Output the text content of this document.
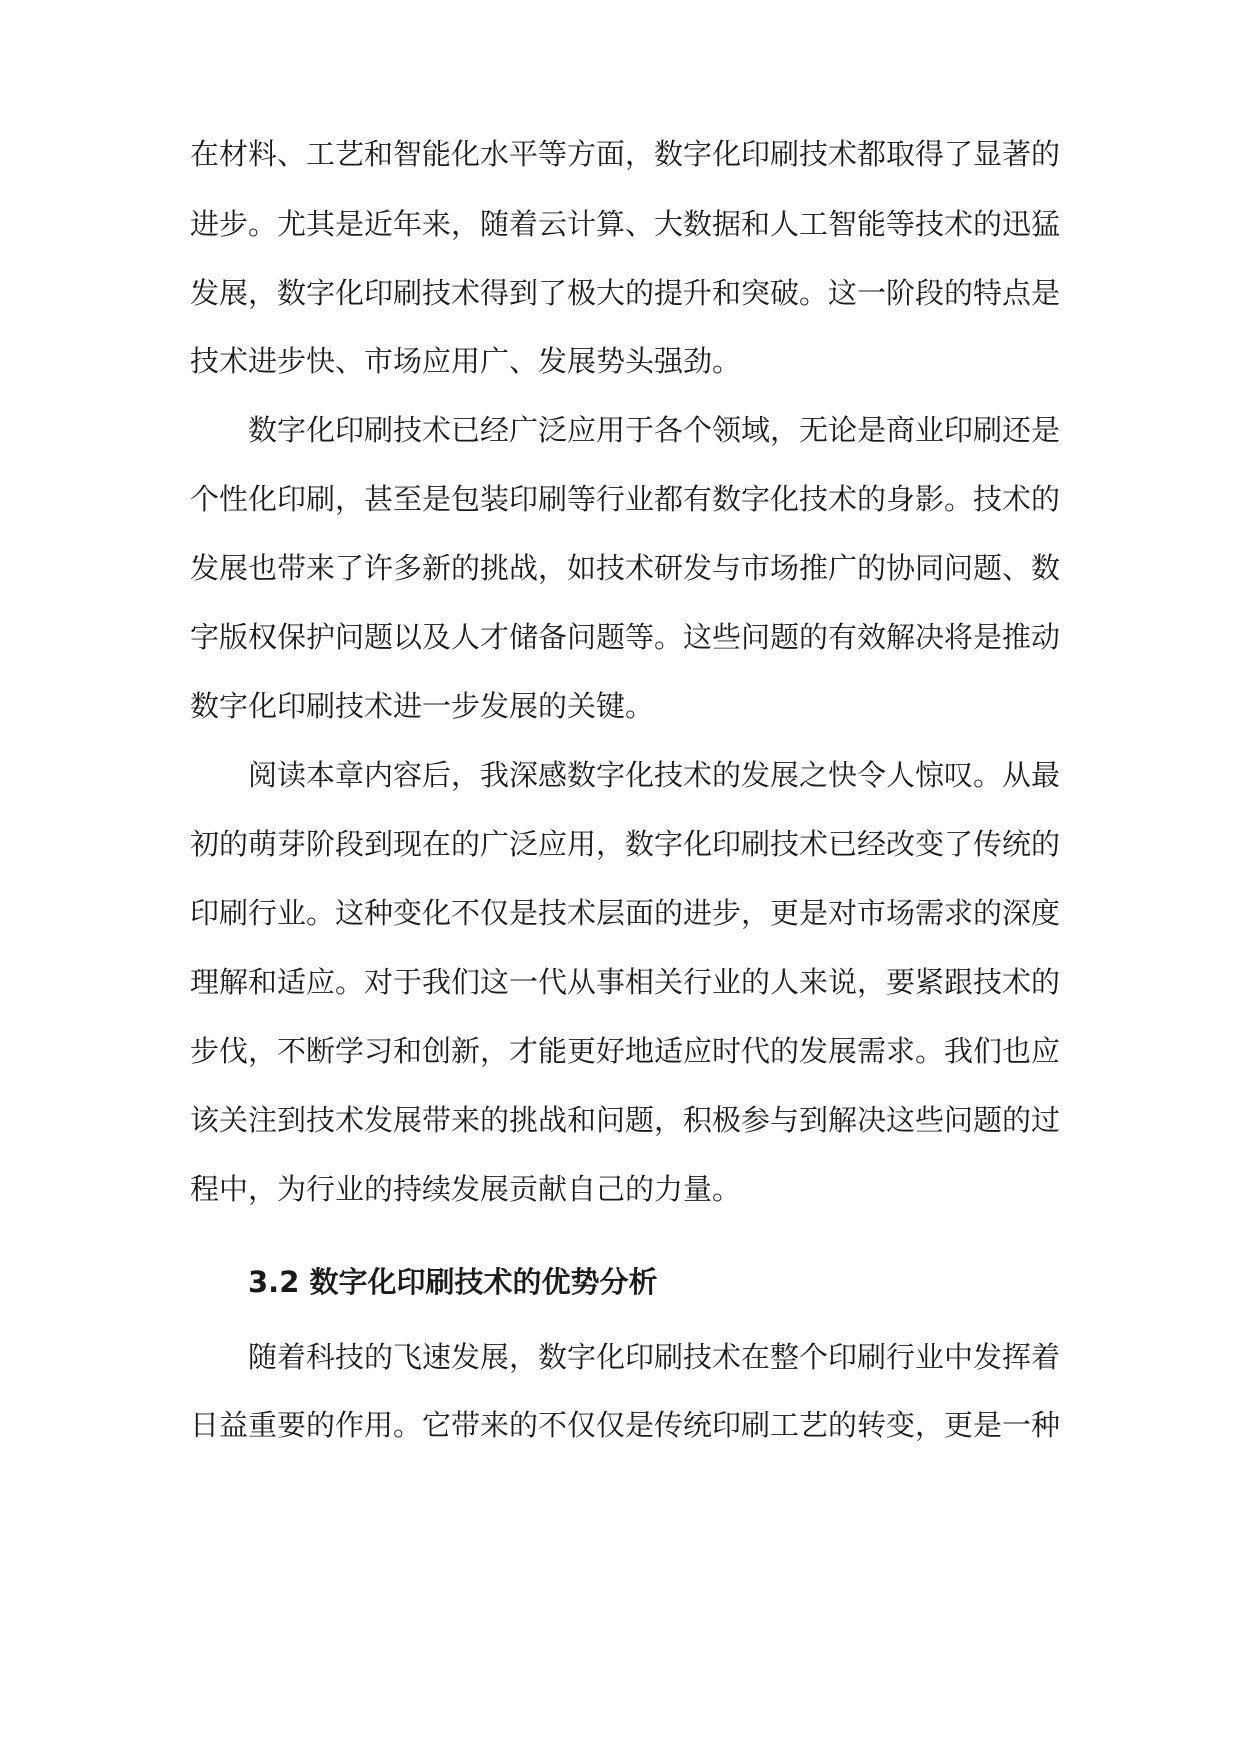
在材料、工艺和智能化水平等方面，数字化印刷技术都取得了显著的
进步。尤其是近年来，随着云计算、大数据和人工智能等技术的迅猛
发展，数字化印刷技术得到了极大的提升和突破。这一阶段的特点是
技术进步快、市场应用广、发展势头强劲。
数字化印刷技术已经广泛应用于各个领域，无论是商业印刷还是
个性化印刷，甚至是包装印刷等行业都有数字化技术的身影。技术的
发展也带来了许多新的挑战，如技术研发与市场推广的协同问题、数
字版权保护问题以及人才储备问题等。这些问题的有效解决将是推动
数字化印刷技术进一步发展的关键。
阅读本章内容后，我深感数字化技术的发展之快令人惊叹。从最
初的萌芽阶段到现在的广泛应用，数字化印刷技术已经改变了传统的
印刷行业。这种变化不仅是技术层面的进步，更是对市场需求的深度
理解和适应。对于我们这一代从事相关行业的人来说，要紧跟技术的
步伐，不断学习和创新，才能更好地适应时代的发展需求。我们也应
该关注到技术发展带来的挑战和问题，积极参与到解决这些问题的过
程中，为行业的持续发展贡献自己的力量。
3.2 数字化印刷技术的优势分析
随着科技的飞速发展，数字化印刷技术在整个印刷行业中发挥着
日益重要的作用。它带来的不仅仅是传统印刷工艺的转变，更是一种
